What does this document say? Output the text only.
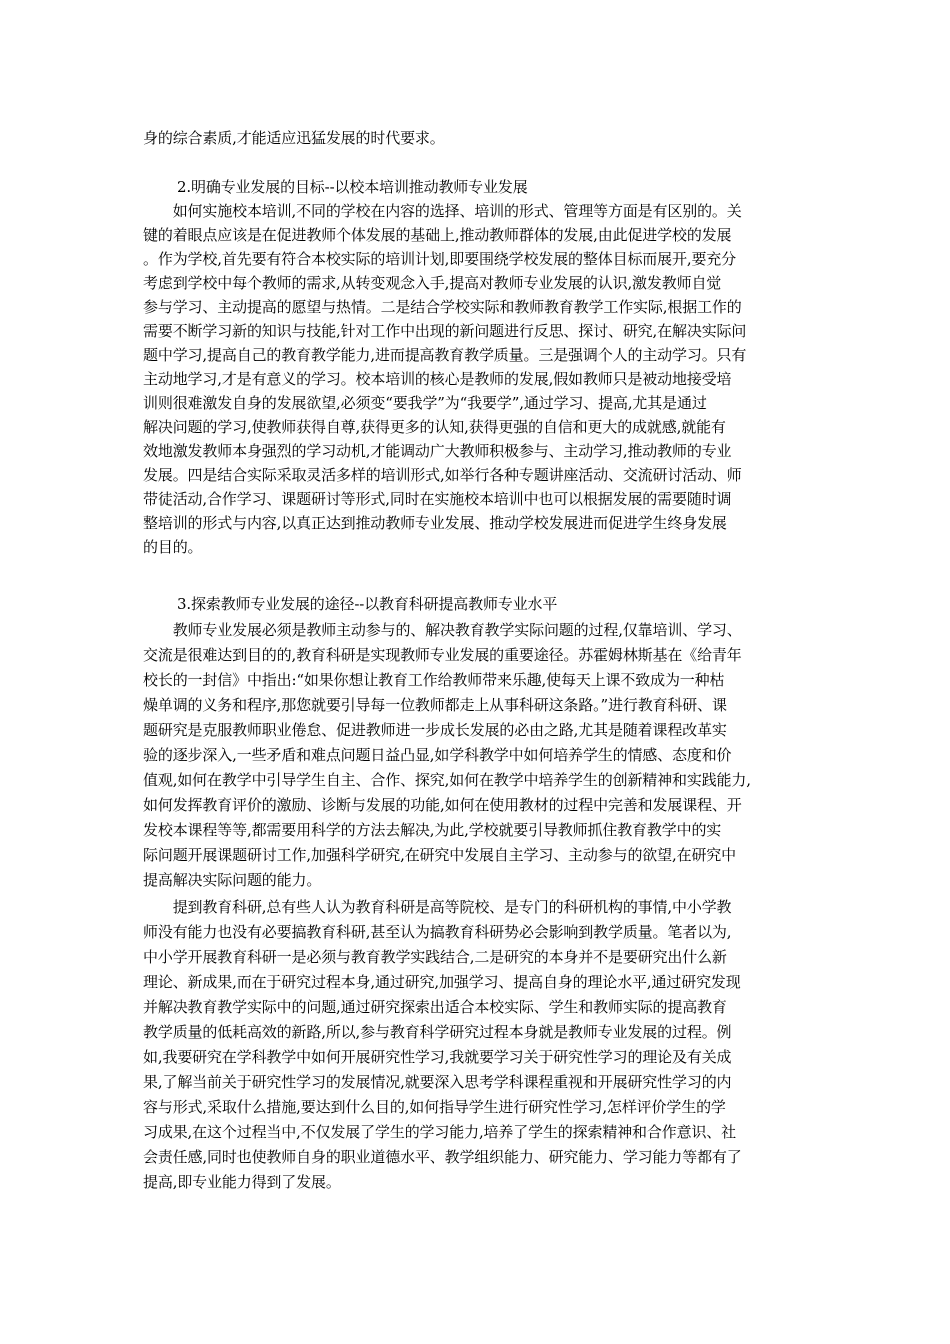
身的综合素质,才能适应迅猛发展的时代要求。
2.明确专业发展的目标--以校本培训推动教师专业发展
　　如何实施校本培训,不同的学校在内容的选择、培训的形式、管理等方面是有区别的。关
键的着眼点应该是在促进教师个体发展的基础上,推动教师群体的发展,由此促进学校的发展
。作为学校,首先要有符合本校实际的培训计划,即要围绕学校发展的整体目标而展开,要充分
考虑到学校中每个教师的需求,从转变观念入手,提高对教师专业发展的认识,激发教师自觉
参与学习、主动提高的愿望与热情。二是结合学校实际和教师教育教学工作实际,根据工作的
需要不断学习新的知识与技能,针对工作中出现的新问题进行反思、探讨、研究,在解决实际问
题中学习,提高自己的教育教学能力,进而提高教育教学质量。三是强调个人的主动学习。只有
主动地学习,才是有意义的学习。校本培训的核心是教师的发展,假如教师只是被动地接受培
训则很难激发自身的发展欲望,必须变“要我学”为“我要学”,通过学习、提高,尤其是通过
解决问题的学习,使教师获得自尊,获得更多的认知,获得更强的自信和更大的成就感,就能有
效地激发教师本身强烈的学习动机,才能调动广大教师积极参与、主动学习,推动教师的专业
发展。四是结合实际采取灵活多样的培训形式,如举行各种专题讲座活动、交流研讨活动、师
带徒活动,合作学习、课题研讨等形式,同时在实施校本培训中也可以根据发展的需要随时调
整培训的形式与内容,以真正达到推动教师专业发展、推动学校发展进而促进学生终身发展
的目的。
3.探索教师专业发展的途径--以教育科研提高教师专业水平
　　教师专业发展必须是教师主动参与的、解决教育教学实际问题的过程,仅靠培训、学习、
交流是很难达到目的的,教育科研是实现教师专业发展的重要途径。苏霍姆林斯基在《给青年
校长的一封信》中指出:“如果你想让教育工作给教师带来乐趣,使每天上课不致成为一种枯
燥单调的义务和程序,那您就要引导每一位教师都走上从事科研这条路。”进行教育科研、课
题研究是克服教师职业倦怠、促进教师进一步成长发展的必由之路,尤其是随着课程改革实
验的逐步深入,一些矛盾和难点问题日益凸显,如学科教学中如何培养学生的情感、态度和价
值观,如何在教学中引导学生自主、合作、探究,如何在教学中培养学生的创新精神和实践能力,
如何发挥教育评价的激励、诊断与发展的功能,如何在使用教材的过程中完善和发展课程、开
发校本课程等等,都需要用科学的方法去解决,为此,学校就要引导教师抓住教育教学中的实
际问题开展课题研讨工作,加强科学研究,在研究中发展自主学习、主动参与的欲望,在研究中
提高解决实际问题的能力。
　　提到教育科研,总有些人认为教育科研是高等院校、是专门的科研机构的事情,中小学教
师没有能力也没有必要搞教育科研,甚至认为搞教育科研势必会影响到教学质量。笔者以为,
中小学开展教育科研一是必须与教育教学实践结合,二是研究的本身并不是要研究出什么新
理论、新成果,而在于研究过程本身,通过研究,加强学习、提高自身的理论水平,通过研究发现
并解决教育教学实际中的问题,通过研究探索出适合本校实际、学生和教师实际的提高教育
教学质量的低耗高效的新路,所以,参与教育科学研究过程本身就是教师专业发展的过程。例
如,我要研究在学科教学中如何开展研究性学习,我就要学习关于研究性学习的理论及有关成
果,了解当前关于研究性学习的发展情况,就要深入思考学科课程重视和开展研究性学习的内
容与形式,采取什么措施,要达到什么目的,如何指导学生进行研究性学习,怎样评价学生的学
习成果,在这个过程当中,不仅发展了学生的学习能力,培养了学生的探索精神和合作意识、社
会责任感,同时也使教师自身的职业道德水平、教学组织能力、研究能力、学习能力等都有了
提高,即专业能力得到了发展。
